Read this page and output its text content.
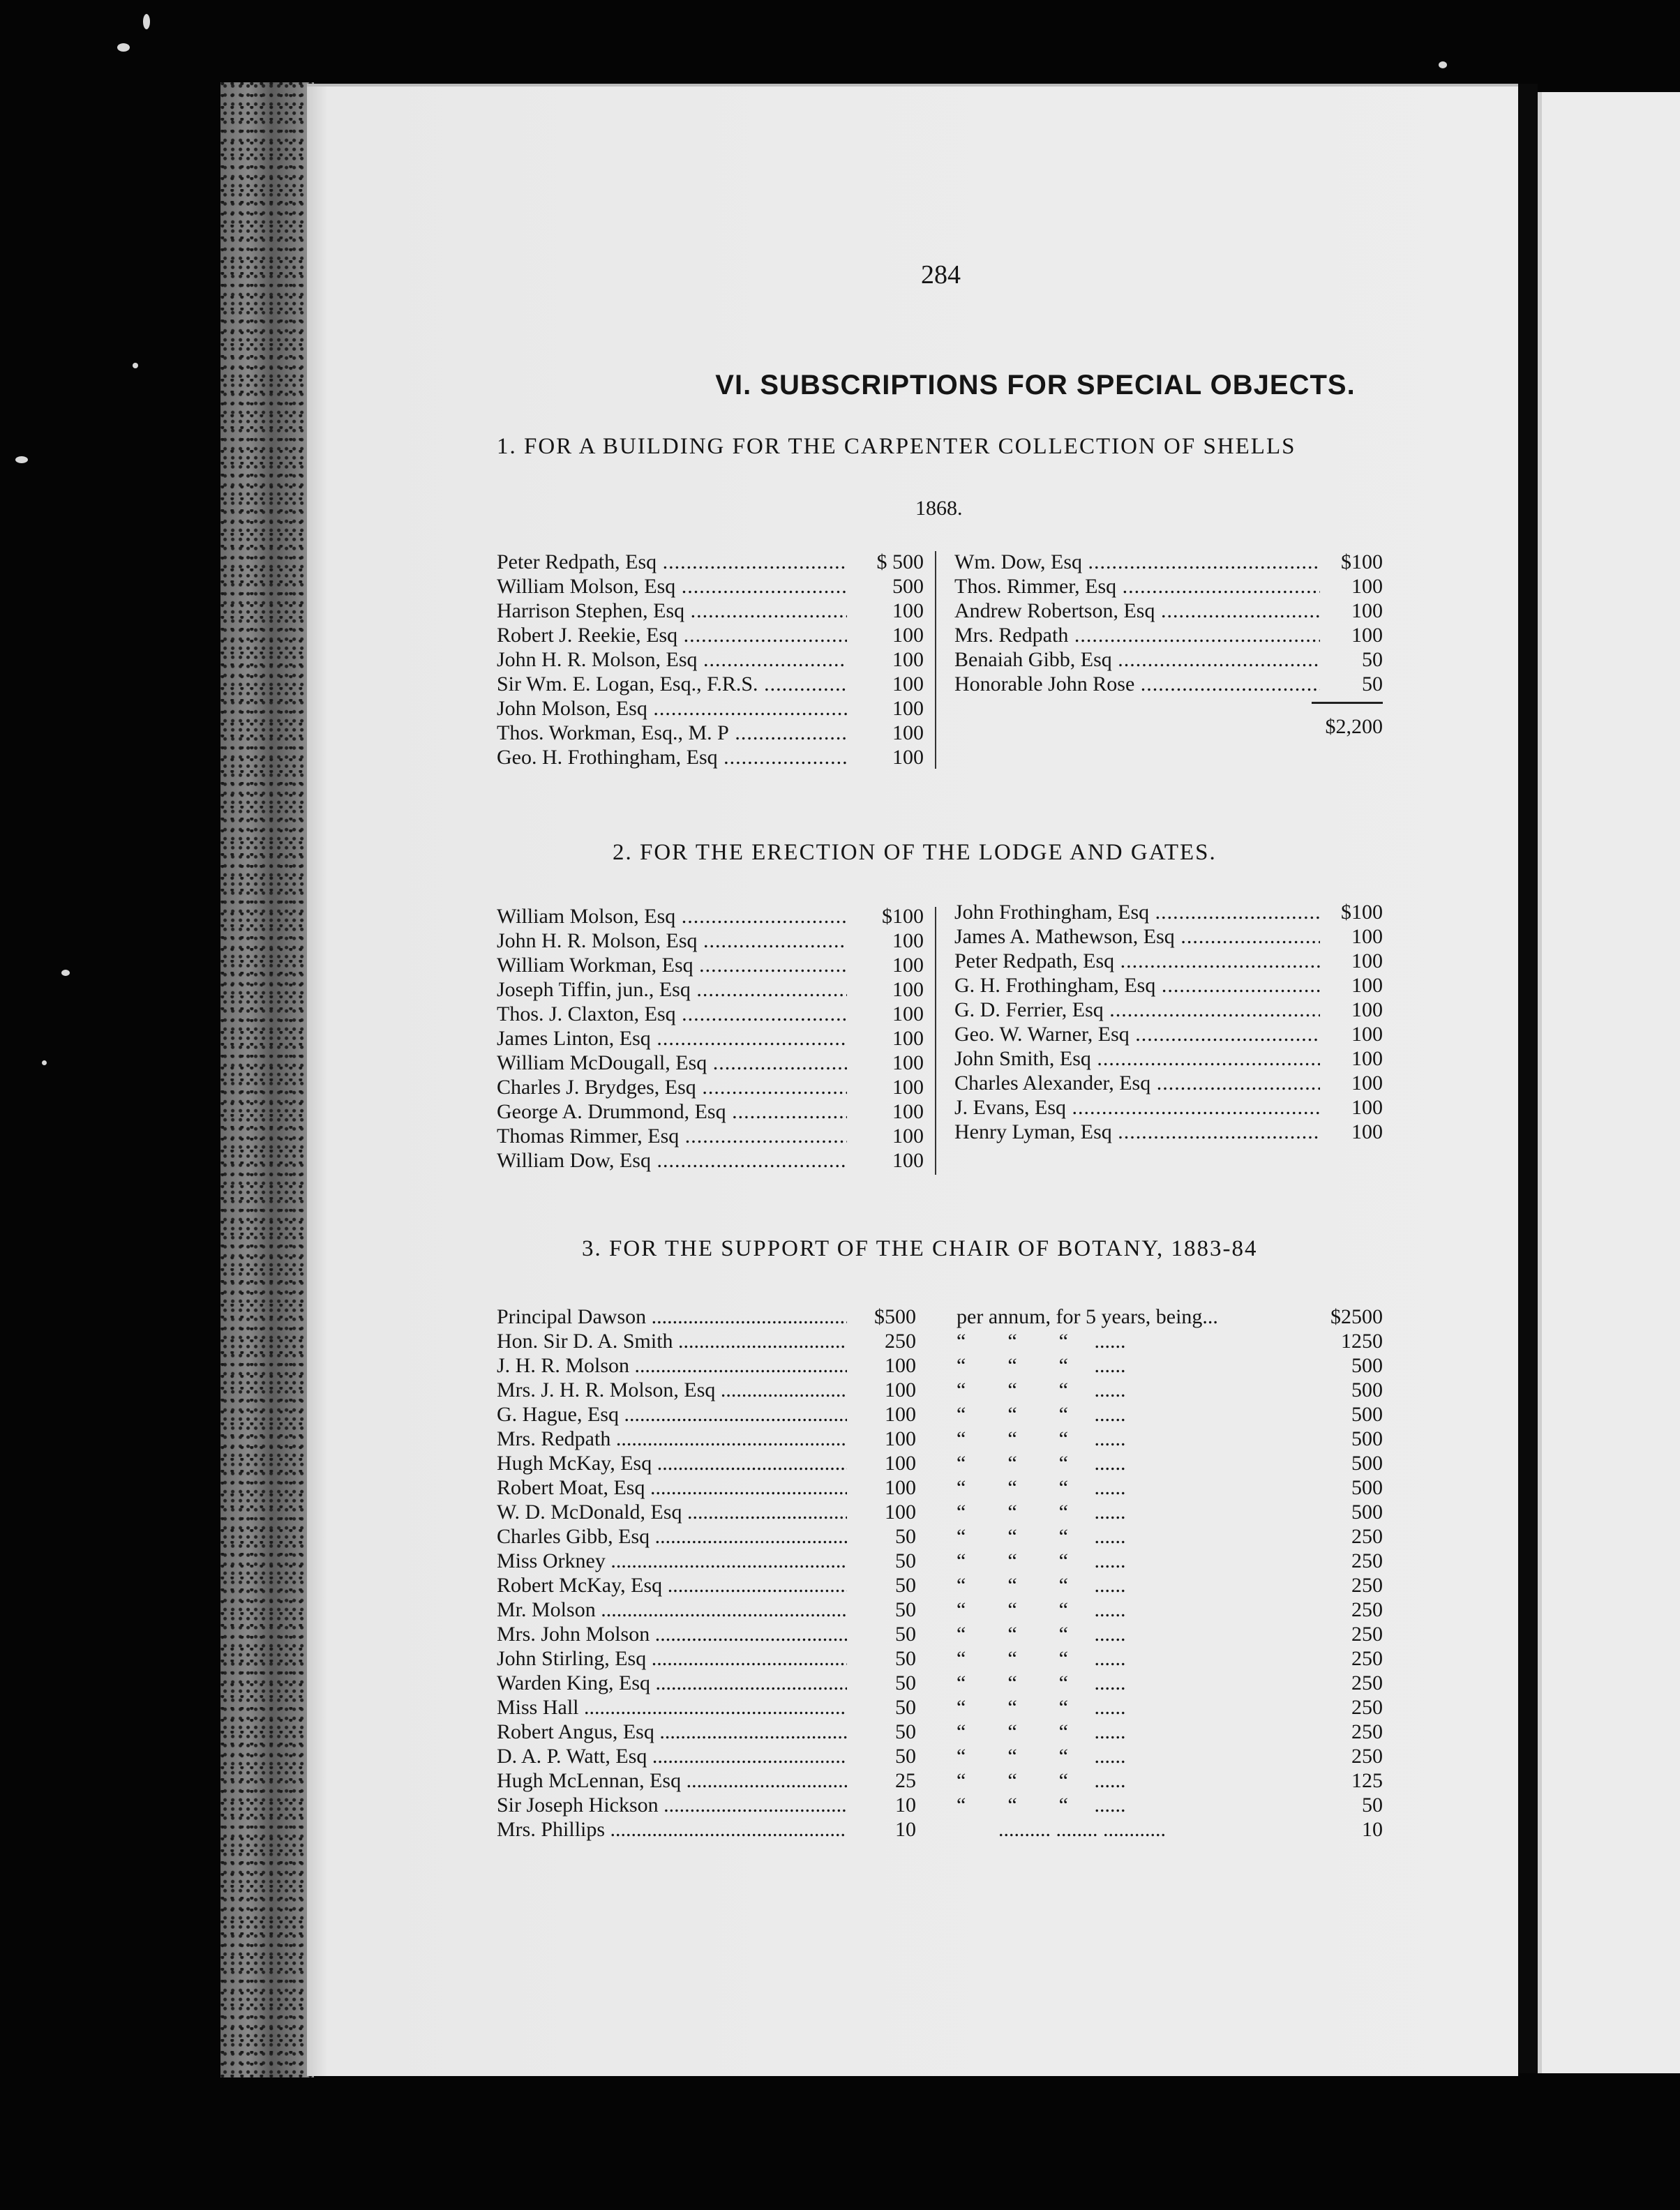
284
VI. SUBSCRIPTIONS FOR SPECIAL OBJECTS.
1. FOR A BUILDING FOR THE CARPENTER COLLECTION OF SHELLS
1868.
Peter Redpath, Esq .....	$ 500
William Molson, Esq .....	500
Harrison Stephen, Esq .....	100
Robert J. Reekie, Esq .....	100
John H. R. Molson, Esq .....	100
Sir Wm. E. Logan, Esq., F.R.S. .....	100
John Molson, Esq .....	100
Thos. Workman, Esq., M. P .....	100
Geo. H. Frothingham, Esq .....	100
Wm. Dow, Esq .....	$100
Thos. Rimmer, Esq .....	100
Andrew Robertson, Esq .....	100
Mrs. Redpath .....	100
Benaiah Gibb, Esq .....	50
Honorable John Rose .....	50
$2,200
2. FOR THE ERECTION OF THE LODGE AND GATES.
William Molson, Esq .....	$100
John H. R. Molson, Esq .....	100
William Workman, Esq .....	100
Joseph Tiffin, jun., Esq .....	100
Thos. J. Claxton, Esq .....	100
James Linton, Esq .....	100
William McDougall, Esq .....	100
Charles J. Brydges, Esq .....	100
George A. Drummond, Esq .....	100
Thomas Rimmer, Esq .....	100
William Dow, Esq .....	100
John Frothingham, Esq .....	$100
James A. Mathewson, Esq .....	100
Peter Redpath, Esq .....	100
G. H. Frothingham, Esq .....	100
G. D. Ferrier, Esq .....	100
Geo. W. Warner, Esq .....	100
John Smith, Esq .....	100
Charles Alexander, Esq .....	100
J. Evans, Esq .....	100
Henry Lyman, Esq .....	100
3. FOR THE SUPPORT OF THE CHAIR OF BOTANY, 1883-84
Principal Dawson .....	$500	per annum, for 5 years, being...	$2500
Hon. Sir D. A. Smith .....	250	“        “        “     ......	1250
J. H. R. Molson .....	100	“        “        “     ......	500
Mrs. J. H. R. Molson, Esq .....	100	“        “        “     ......	500
G. Hague, Esq .....	100	“        “        “     ......	500
Mrs. Redpath .....	100	“        “        “     ......	500
Hugh McKay, Esq .....	100	“        “        “     ......	500
Robert Moat, Esq .....	100	“        “        “     ......	500
W. D. McDonald, Esq .....	100	“        “        “     ......	500
Charles Gibb, Esq .....	50	“        “        “     ......	250
Miss Orkney .....	50	“        “        “     ......	250
Robert McKay, Esq .....	50	“        “        “     ......	250
Mr. Molson .....	50	“        “        “     ......	250
Mrs. John Molson .....	50	“        “        “     ......	250
John Stirling, Esq .....	50	“        “        “     ......	250
Warden King, Esq .....	50	“        “        “     ......	250
Miss Hall .....	50	“        “        “     ......	250
Robert Angus, Esq .....	50	“        “        “     ......	250
D. A. P. Watt, Esq .....	50	“        “        “     ......	250
Hugh McLennan, Esq .....	25	“        “        “     ......	125
Sir Joseph Hickson .....	10	“        “        “     ......	50
Mrs. Phillips .....	10	.......... ........ ............	10
